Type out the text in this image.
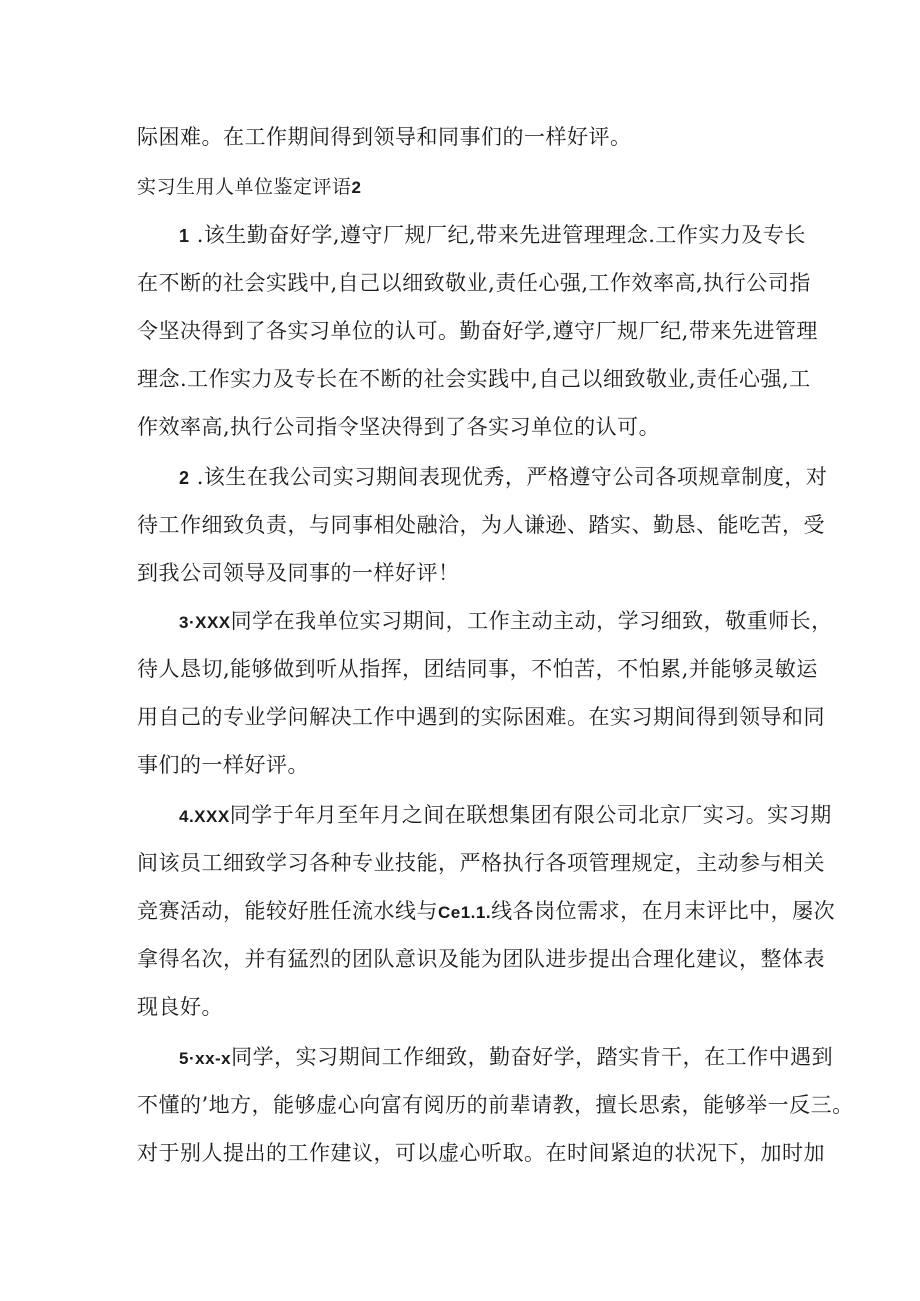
际困难。在工作期间得到领导和同事们的一样好评。

实习生用人单位鉴定评语2

1 .该生勤奋好学,遵守厂规厂纪,带来先进管理理念.工作实力及专长

在不断的社会实践中,自己以细致敬业,责任心强,工作效率高,执行公司指

令坚决得到了各实习单位的认可。勤奋好学,遵守厂规厂纪,带来先进管理

理念.工作实力及专长在不断的社会实践中,自己以细致敬业,责任心强,工

作效率高,执行公司指令坚决得到了各实习单位的认可。

2 .该生在我公司实习期间表现优秀，严格遵守公司各项规章制度，对

待工作细致负责，与同事相处融洽，为人谦逊、踏实、勤恳、能吃苦，受

到我公司领导及同事的一样好评！

3·XXX同学在我单位实习期间，工作主动主动，学习细致，敬重师长，

待人恳切,能够做到听从指挥，团结同事，不怕苦，不怕累,并能够灵敏运

用自己的专业学问解决工作中遇到的实际困难。在实习期间得到领导和同

事们的一样好评。

4.XXX同学于年月至年月之间在联想集团有限公司北京厂实习。实习期

间该员工细致学习各种专业技能，严格执行各项管理规定，主动参与相关

竞赛活动，能较好胜任流水线与Ce1.1.线各岗位需求，在月末评比中，屡次

拿得名次，并有猛烈的团队意识及能为团队进步提出合理化建议，整体表

现良好。

5·xx-x同学，实习期间工作细致，勤奋好学，踏实肯干，在工作中遇到

不懂的’地方，能够虚心向富有阅历的前辈请教，擅长思索，能够举一反三。

对于别人提出的工作建议，可以虚心听取。在时间紧迫的状况下，加时加
